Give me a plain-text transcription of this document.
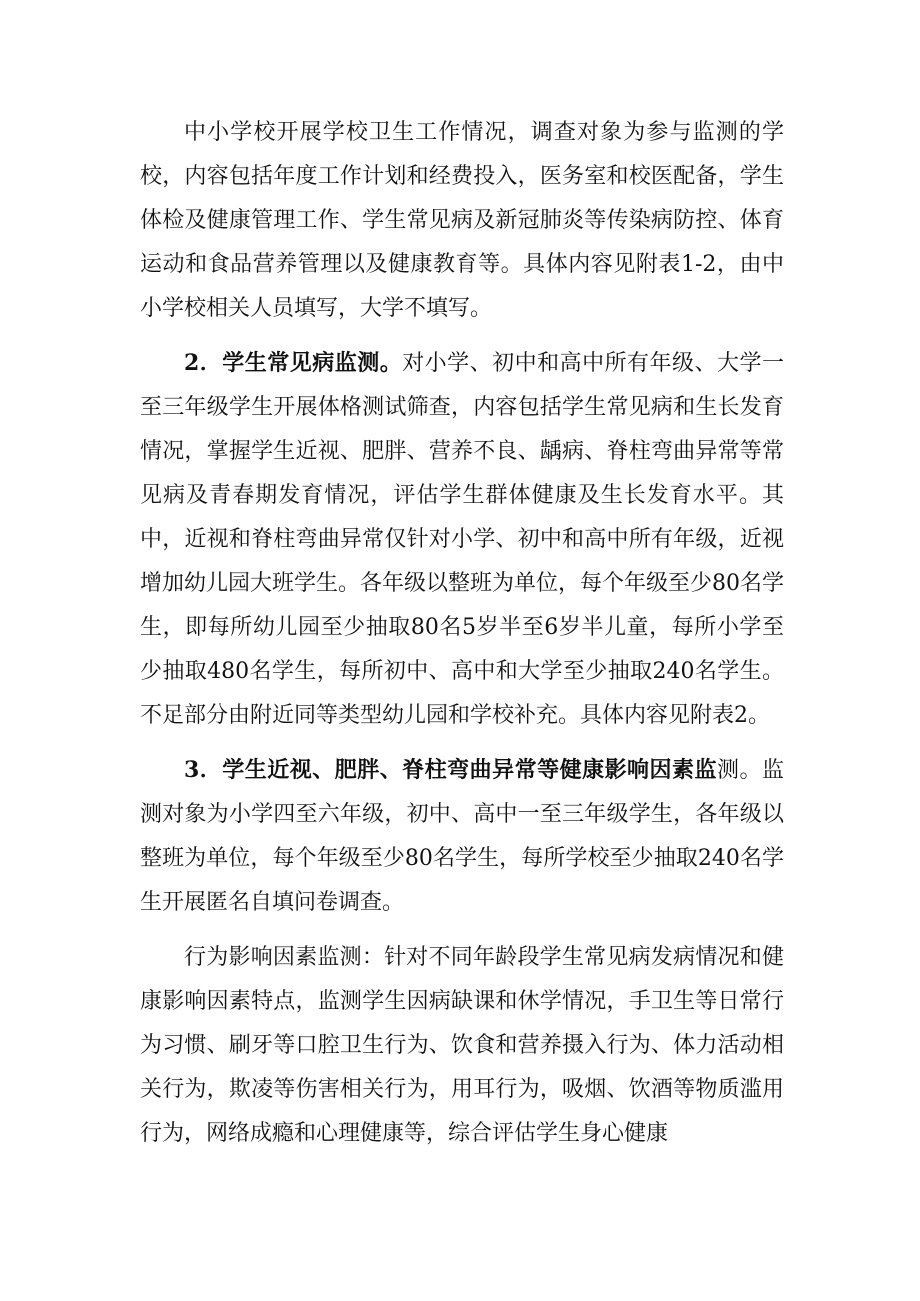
中小学校开展学校卫生工作情况，调查对象为参与监测的学校，内容包括年度工作计划和经费投入，医务室和校医配备，学生体检及健康管理工作、学生常见病及新冠肺炎等传染病防控、体育运动和食品营养管理以及健康教育等。具体内容见附表1-2，由中小学校相关人员填写，大学不填写。

2．学生常见病监测。对小学、初中和高中所有年级、大学一至三年级学生开展体格测试筛查，内容包括学生常见病和生长发育情况，掌握学生近视、肥胖、营养不良、龋病、脊柱弯曲异常等常见病及青春期发育情况，评估学生群体健康及生长发育水平。其中，近视和脊柱弯曲异常仅针对小学、初中和高中所有年级，近视增加幼儿园大班学生。各年级以整班为单位，每个年级至少80名学生，即每所幼儿园至少抽取80名5岁半至6岁半儿童，每所小学至少抽取480名学生，每所初中、高中和大学至少抽取240名学生。不足部分由附近同等类型幼儿园和学校补充。具体内容见附表2。

3．学生近视、肥胖、脊柱弯曲异常等健康影响因素监测。监测对象为小学四至六年级，初中、高中一至三年级学生，各年级以整班为单位，每个年级至少80名学生，每所学校至少抽取240名学生开展匿名自填问卷调查。

行为影响因素监测：针对不同年龄段学生常见病发病情况和健康影响因素特点，监测学生因病缺课和休学情况，手卫生等日常行为习惯、刷牙等口腔卫生行为、饮食和营养摄入行为、体力活动相关行为，欺凌等伤害相关行为，用耳行为，吸烟、饮酒等物质滥用行为，网络成瘾和心理健康等，综合评估学生身心健康
